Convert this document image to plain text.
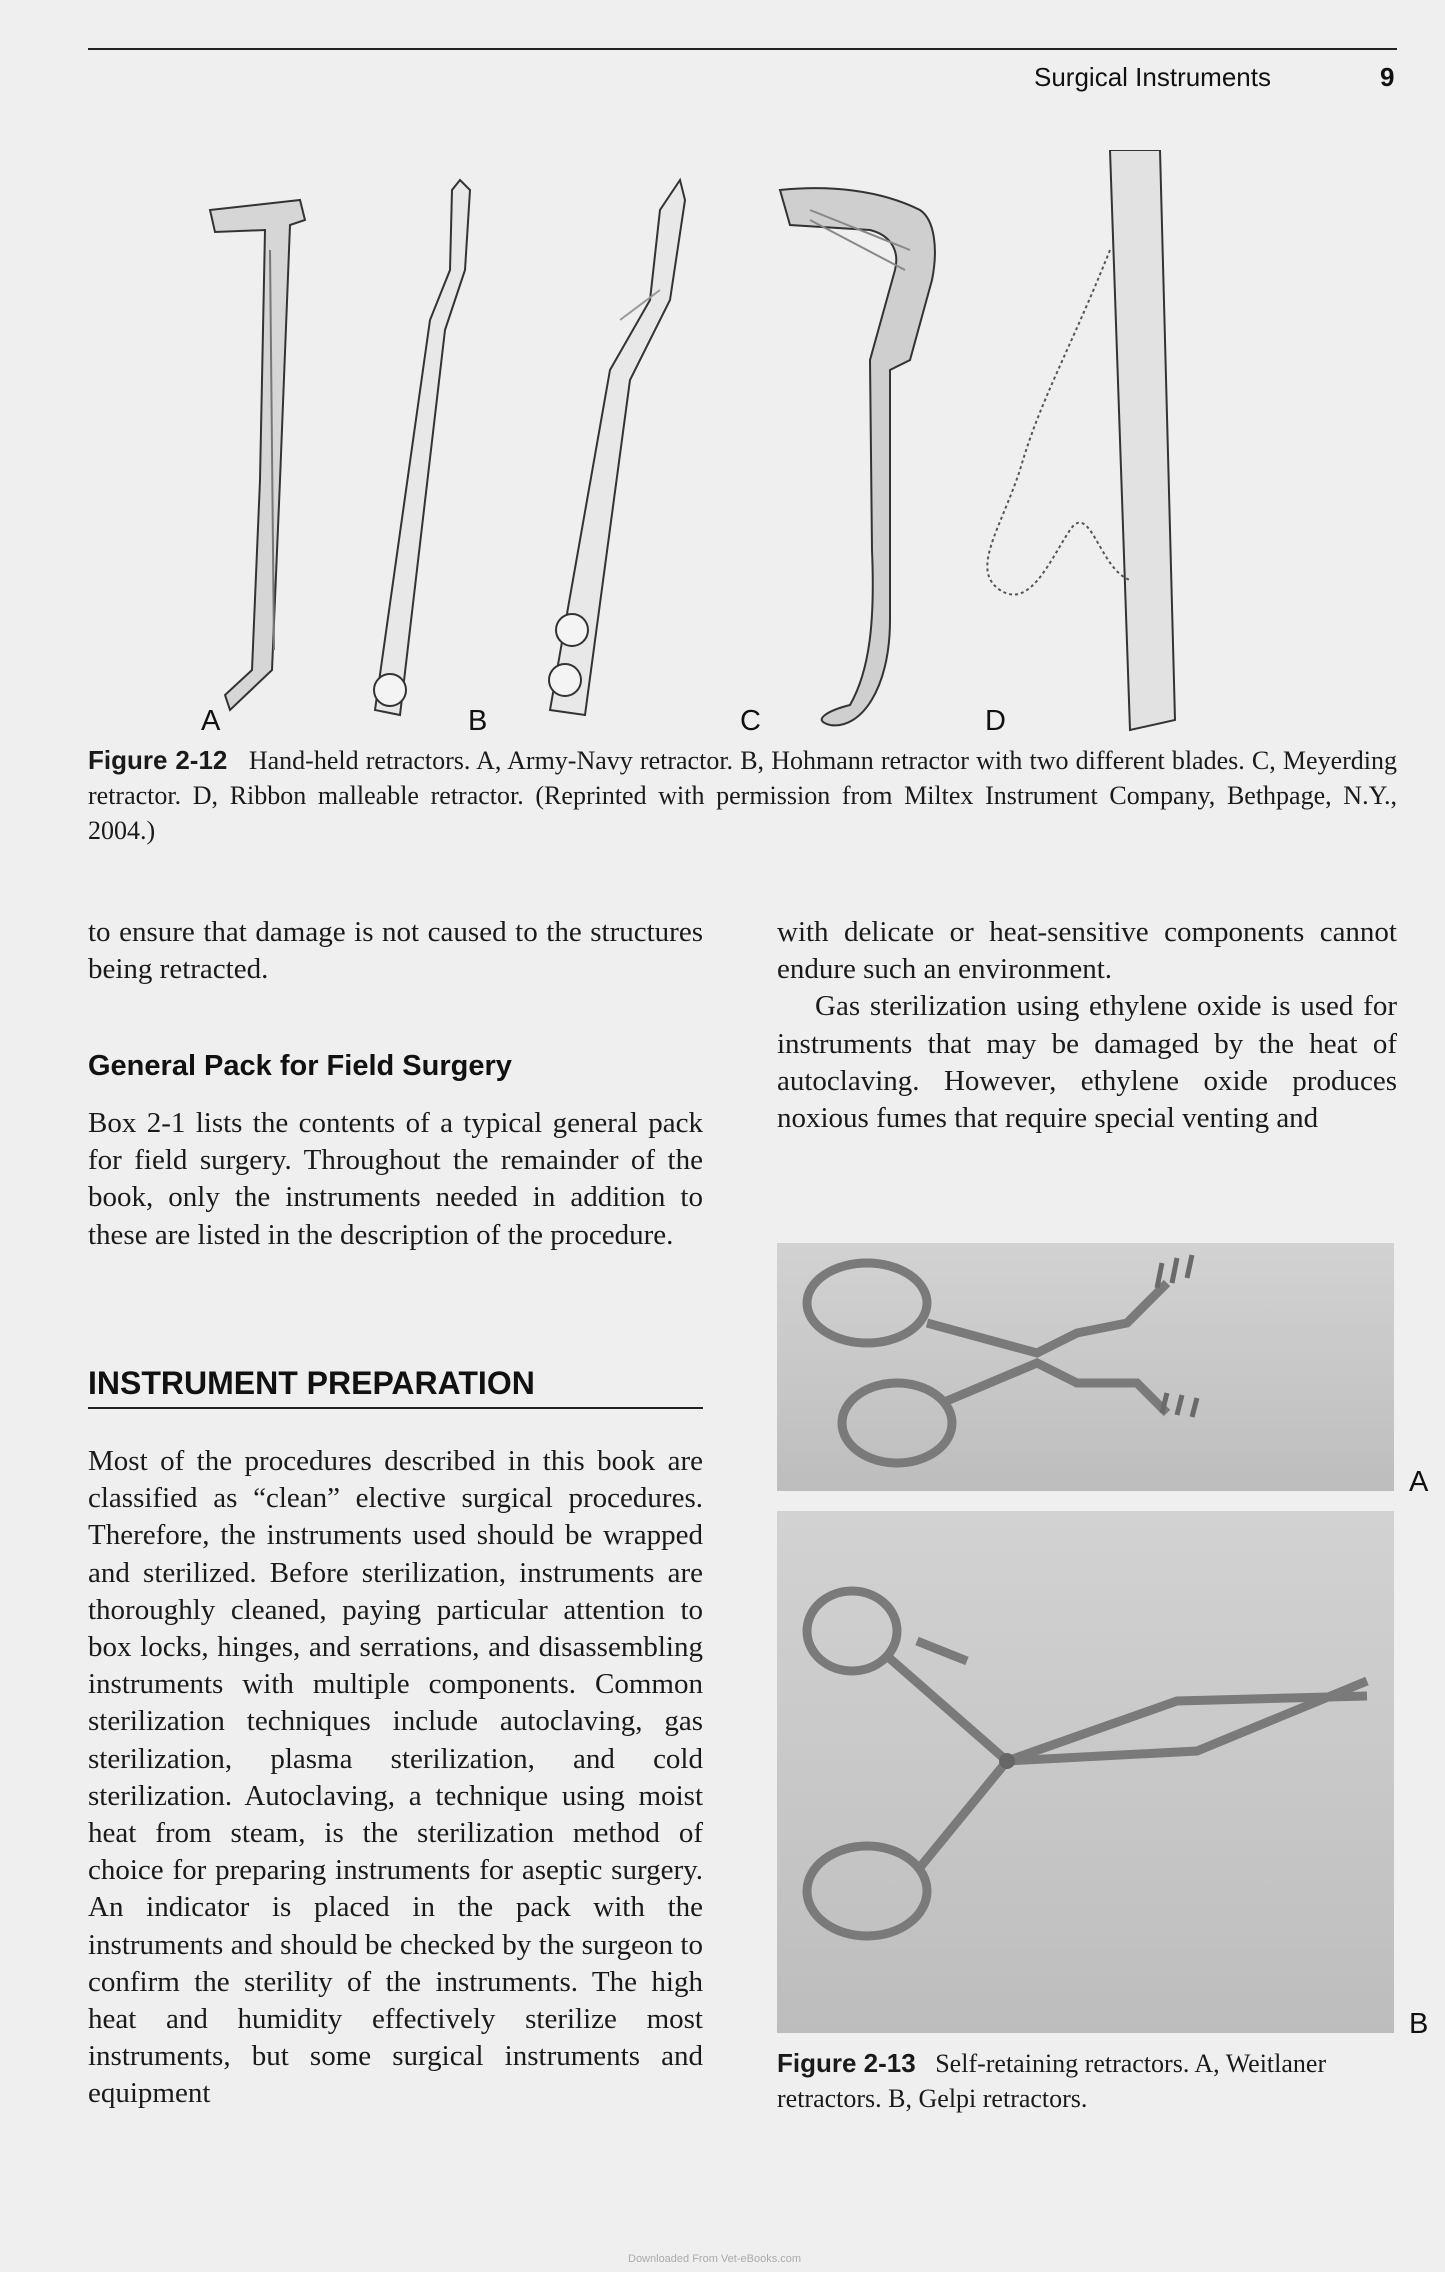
Surgical Instruments	9
A	B	C	D
Figure 2-12 Hand-held retractors. A, Army-Navy retractor. B, Hohmann retractor with two different blades. C, Meyerding retractor. D, Ribbon malleable retractor. (Reprinted with permission from Miltex Instrument Company, Bethpage, N.Y., 2004.)

to ensure that damage is not caused to the structures being retracted.

General Pack for Field Surgery

Box 2-1 lists the contents of a typical general pack for field surgery. Throughout the remainder of the book, only the instruments needed in addition to these are listed in the description of the procedure.

INSTRUMENT PREPARATION

Most of the procedures described in this book are classified as “clean” elective surgical procedures. Therefore, the instruments used should be wrapped and sterilized. Before sterilization, instruments are thoroughly cleaned, paying particular attention to box locks, hinges, and serrations, and disassembling instruments with multiple components. Common sterilization techniques include autoclaving, gas sterilization, plasma sterilization, and cold sterilization. Autoclaving, a technique using moist heat from steam, is the sterilization method of choice for preparing instruments for aseptic surgery. An indicator is placed in the pack with the instruments and should be checked by the surgeon to confirm the sterility of the instruments. The high heat and humidity effectively sterilize most instruments, but some surgical instruments and equipment

with delicate or heat-sensitive components cannot endure such an environment.

Gas sterilization using ethylene oxide is used for instruments that may be damaged by the heat of autoclaving. However, ethylene oxide produces noxious fumes that require special venting and

A
B
Figure 2-13 Self-retaining retractors. A, Weitlaner retractors. B, Gelpi retractors.
Downloaded From Vet-eBooks.com
